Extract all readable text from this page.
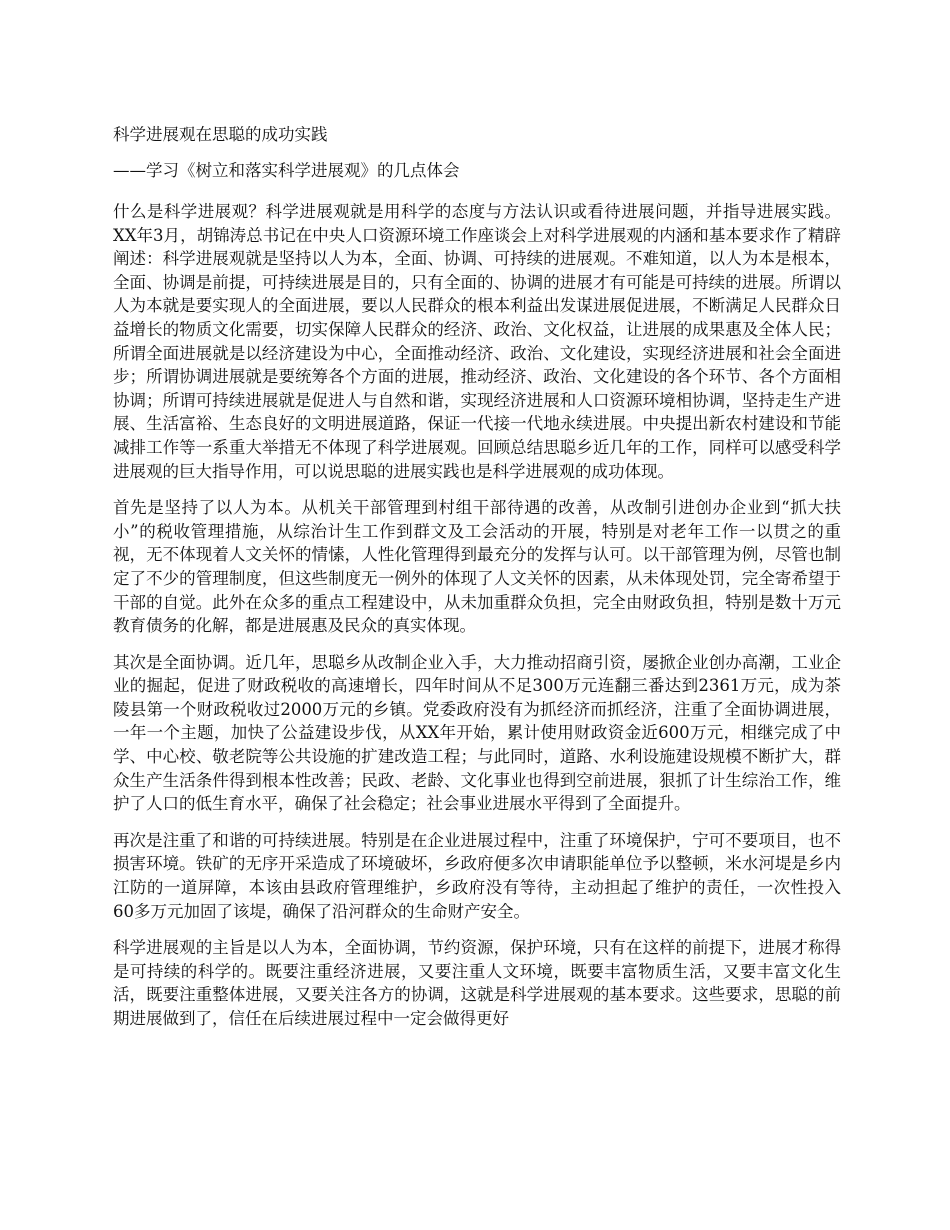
科学进展观在思聪的成功实践
——学习《树立和落实科学进展观》的几点体会

什么是科学进展观？科学进展观就是用科学的态度与方法认识或看待进展问题，并指导进展实践。XX年3月，胡锦涛总书记在中央人口资源环境工作座谈会上对科学进展观的内涵和基本要求作了精辟阐述：科学进展观就是坚持以人为本，全面、协调、可持续的进展观。不难知道，以人为本是根本，全面、协调是前提，可持续进展是目的，只有全面的、协调的进展才有可能是可持续的进展。所谓以人为本就是要实现人的全面进展，要以人民群众的根本利益出发谋进展促进展，不断满足人民群众日益增长的物质文化需要，切实保障人民群众的经济、政治、文化权益，让进展的成果惠及全体人民；所谓全面进展就是以经济建设为中心，全面推动经济、政治、文化建设，实现经济进展和社会全面进步；所谓协调进展就是要统筹各个方面的进展，推动经济、政治、文化建设的各个环节、各个方面相协调；所谓可持续进展就是促进人与自然和谐，实现经济进展和人口资源环境相协调，坚持走生产进展、生活富裕、生态良好的文明进展道路，保证一代接一代地永续进展。中央提出新农村建设和节能减排工作等一系重大举措无不体现了科学进展观。回顾总结思聪乡近几年的工作，同样可以感受科学进展观的巨大指导作用，可以说思聪的进展实践也是科学进展观的成功体现。

首先是坚持了以人为本。从机关干部管理到村组干部待遇的改善，从改制引进创办企业到“抓大扶小”的税收管理措施，从综治计生工作到群文及工会活动的开展，特别是对老年工作一以贯之的重视，无不体现着人文关怀的情愫，人性化管理得到最充分的发挥与认可。以干部管理为例，尽管也制定了不少的管理制度，但这些制度无一例外的体现了人文关怀的因素，从未体现处罚，完全寄希望于干部的自觉。此外在众多的重点工程建设中，从未加重群众负担，完全由财政负担，特别是数十万元教育债务的化解，都是进展惠及民众的真实体现。

其次是全面协调。近几年，思聪乡从改制企业入手，大力推动招商引资，屡掀企业创办高潮，工业企业的掘起，促进了财政税收的高速增长，四年时间从不足300万元连翻三番达到2361万元，成为茶陵县第一个财政税收过2000万元的乡镇。党委政府没有为抓经济而抓经济，注重了全面协调进展，一年一个主题，加快了公益建设步伐，从XX年开始，累计使用财政资金近600万元，相继完成了中学、中心校、敬老院等公共设施的扩建改造工程；与此同时，道路、水利设施建设规模不断扩大，群众生产生活条件得到根本性改善；民政、老龄、文化事业也得到空前进展，狠抓了计生综治工作，维护了人口的低生育水平，确保了社会稳定；社会事业进展水平得到了全面提升。

再次是注重了和谐的可持续进展。特别是在企业进展过程中，注重了环境保护，宁可不要项目，也不损害环境。铁矿的无序开采造成了环境破坏，乡政府便多次申请职能单位予以整顿，米水河堤是乡内江防的一道屏障，本该由县政府管理维护，乡政府没有等待，主动担起了维护的责任，一次性投入60多万元加固了该堤，确保了沿河群众的生命财产安全。

科学进展观的主旨是以人为本，全面协调，节约资源，保护环境，只有在这样的前提下，进展才称得是可持续的科学的。既要注重经济进展，又要注重人文环境，既要丰富物质生活，又要丰富文化生活，既要注重整体进展，又要关注各方的协调，这就是科学进展观的基本要求。这些要求，思聪的前期进展做到了，信任在后续进展过程中一定会做得更好
